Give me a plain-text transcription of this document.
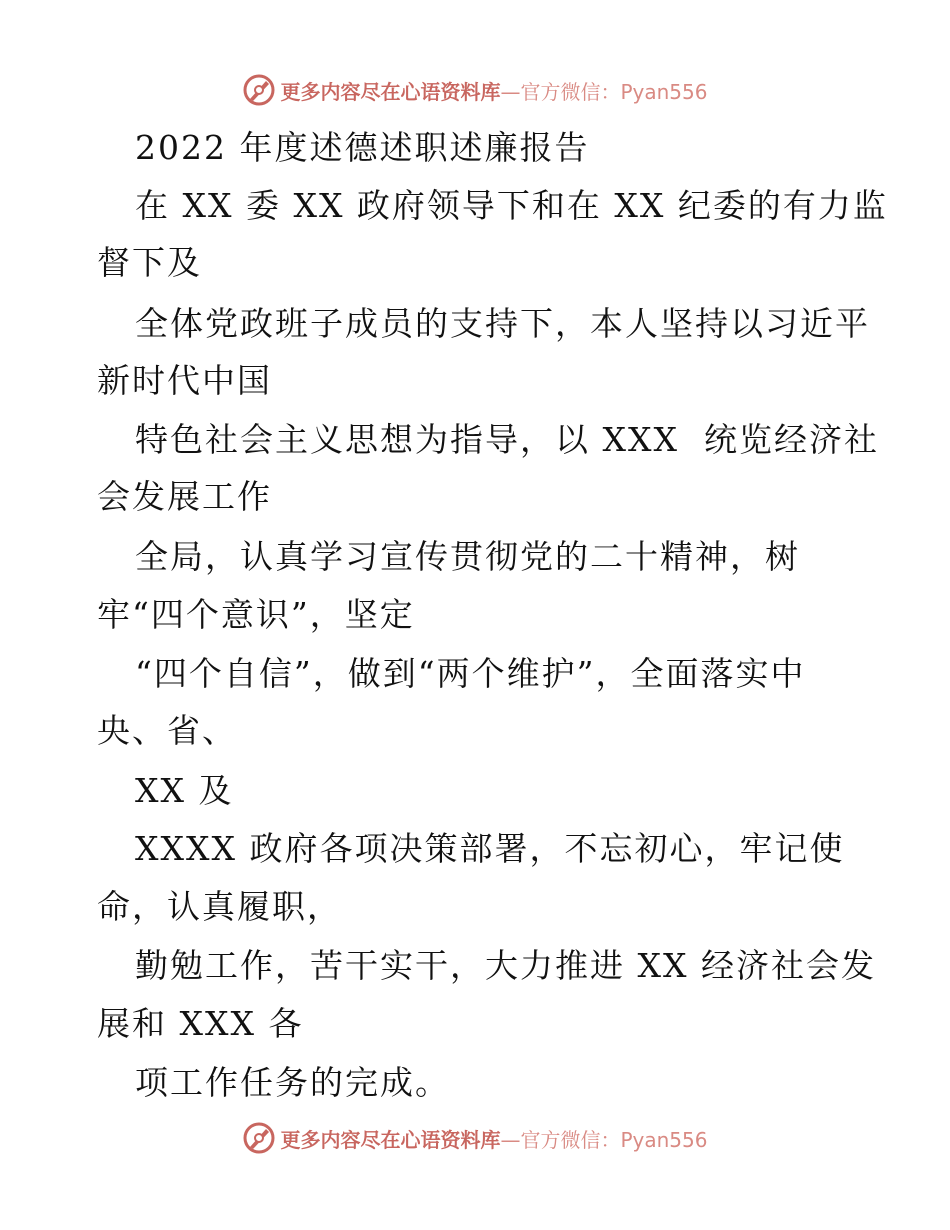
更多内容尽在心语资料库 —官方微信：Pyan556
2022 年度述德述职述廉报告
在 XX 委 XX 政府领导下和在 XX 纪委的有力监
督下及
全体党政班子成员的支持下，本人坚持以习近平
新时代中国
特色社会主义思想为指导，以 XXX  统览经济社
会发展工作
全局，认真学习宣传贯彻党的二十精神，树
牢“四个意识”，坚定
“四个自信”，做到“两个维护”，全面落实中
央、省、
XX 及
XXXX 政府各项决策部署，不忘初心，牢记使
命，认真履职，
勤勉工作，苦干实干，大力推进 XX 经济社会发
展和 XXX 各
项工作任务的完成。
更多内容尽在心语资料库 —官方微信：Pyan556
